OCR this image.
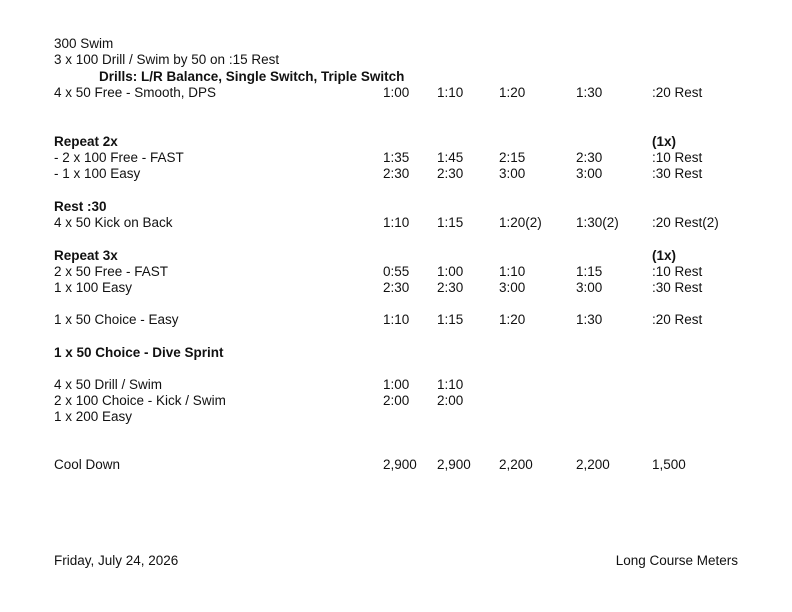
300 Swim
3 x 100 Drill / Swim by 50 on :15 Rest
Drills: L/R Balance, Single Switch, Triple Switch
4 x 50 Free - Smooth, DPS	1:00 1:10	1:20	1:30	:20 Rest
Repeat 2x	(1x)
- 2 x 100 Free - FAST	1:35 1:45	2:15	2:30	:10 Rest
- 1 x 100 Easy	2:30 2:30	3:00	3:00	:30 Rest
Rest :30
4 x 50 Kick on Back	1:10 1:15	1:20(2)	1:30(2) :20 Rest(2)
Repeat 3x	(1x)
2 x 50 Free - FAST	0:55 1:00	1:10	1:15	:10 Rest
1 x 100 Easy	2:30 2:30	3:00	3:00	:30 Rest
1 x 50 Choice - Easy	1:10 1:15	1:20	1:30	:20 Rest
1 x 50 Choice - Dive Sprint
4 x 50 Drill / Swim	1:00 1:10
2 x 100 Choice - Kick / Swim	2:00 2:00
1 x 200 Easy
Cool Down	2,900 2,900 2,200	2,200	1,500
Friday, July 24, 2026	Long Course Meters
